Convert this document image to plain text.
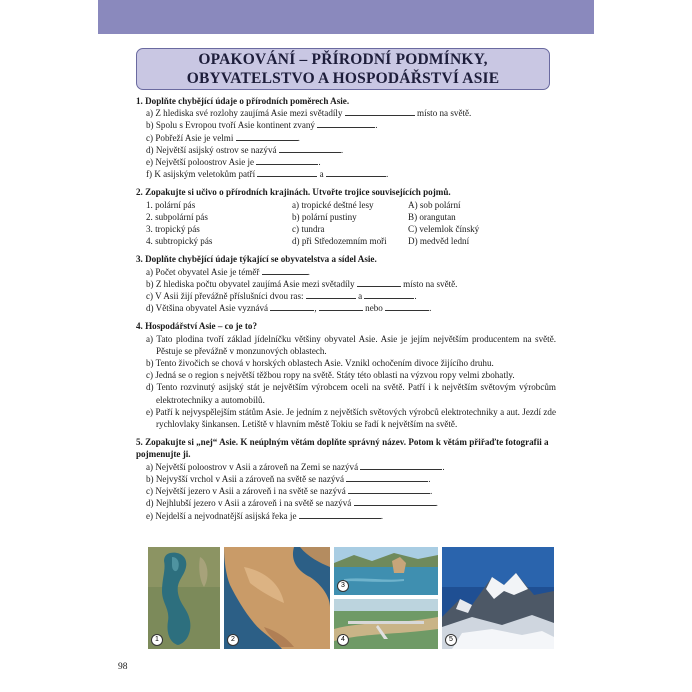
OPAKOVÁNÍ – PŘÍRODNÍ PODMÍNKY,
OBYVATELSTVO A HOSPODÁŘSTVÍ ASIE
1. Doplňte chybějící údaje o přírodních poměrech Asie.
a) Z hlediska své rozlohy zaujímá Asie mezi světadíly	místo na světě.
b) Spolu s Evropou tvoří Asie kontinent zvaný	.
c) Pobřeží Asie je velmi	.
d) Největší asijský ostrov se nazývá	.
e) Největší poloostrov Asie je	.
f) K asijským veletokům patří	a	.
2. Zopakujte si učivo o přírodních krajinách. Utvořte trojice souvisejících pojmů.
1. polární pás	a) tropické deštné lesy	A) sob polární
2. subpolární pás	b) polární pustiny	B) orangutan
3. tropický pás	c) tundra	C) velemlok čínský
4. subtropický pás	d) při Středozemním moři	D) medvěd lední
3. Doplňte chybějící údaje týkající se obyvatelstva a sídel Asie.
a) Počet obyvatel Asie je téměř	.
b) Z hlediska počtu obyvatel zaujímá Asie mezi světadíly	místo na světě.
c) V Asii žijí převážně příslušníci dvou ras:	a	.
d) Většina obyvatel Asie vyznává	,	nebo	.
4. Hospodářství Asie – co je to?
a) Tato plodina tvoří základ jídelníčku většiny obyvatel Asie. Asie je jejím největším producentem na světě. Pěstuje se převážně v monzunových oblastech.
b) Tento živočich se chová v horských oblastech Asie. Vznikl ochočením divoce žijícího druhu.
c) Jedná se o region s největší těžbou ropy na světě. Státy této oblasti na výzvou ropy velmi zbohatly.
d) Tento rozvinutý asijský stát je největším výrobcem oceli na světě. Patří i k největším světovým výrobcům elektrotechniky a automobilů.
e) Patří k nejvyspělejším státům Asie. Je jedním z největších světových výrobců elektrotechniky a aut. Jezdí zde rychlovlaky šinkansen. Letiště v hlavním městě Tokiu se řadí k největším na světě.
5. Zopakujte si „nej“ Asie. K neúplným větám doplňte správný název. Potom k větám přiřaďte fotografii a pojmenujte ji.
a) Největší poloostrov v Asii a zároveň na Zemi se nazývá	.
b) Nejvyšší vrchol v Asii a zároveň na světě se nazývá	.
c) Největší jezero v Asii a zároveň i na světě se nazývá	.
d) Nejhlubší jezero v Asii a zároveň i na světě se nazývá	.
e) Nejdelší a nejvodnatější asijská řeka je	.
1	2
3
4	5
98
